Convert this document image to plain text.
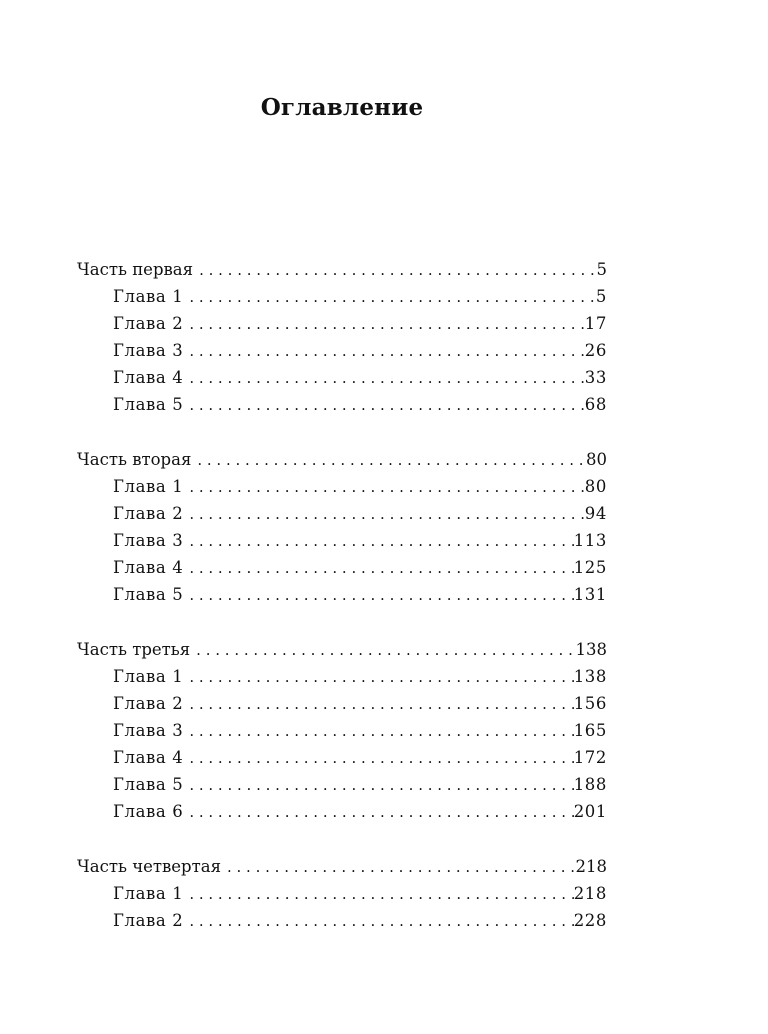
Оглавление
Часть первая . . .	5
Глава 1 . . .	5
Глава 2 . . .	17
Глава 3 . . .	26
Глава 4 . . .	33
Глава 5 . . .	68
Часть вторая . . .	80
Глава 1 . . .	80
Глава 2 . . .	94
Глава 3 . . .	113
Глава 4 . . .	125
Глава 5 . . .	131
Часть третья . . .	138
Глава 1 . . .	138
Глава 2 . . .	156
Глава 3 . . .	165
Глава 4 . . .	172
Глава 5 . . .	188
Глава 6 . . .	201
Часть четвертая . . .	218
Глава 1 . . .	218
Глава 2 . . .	228
